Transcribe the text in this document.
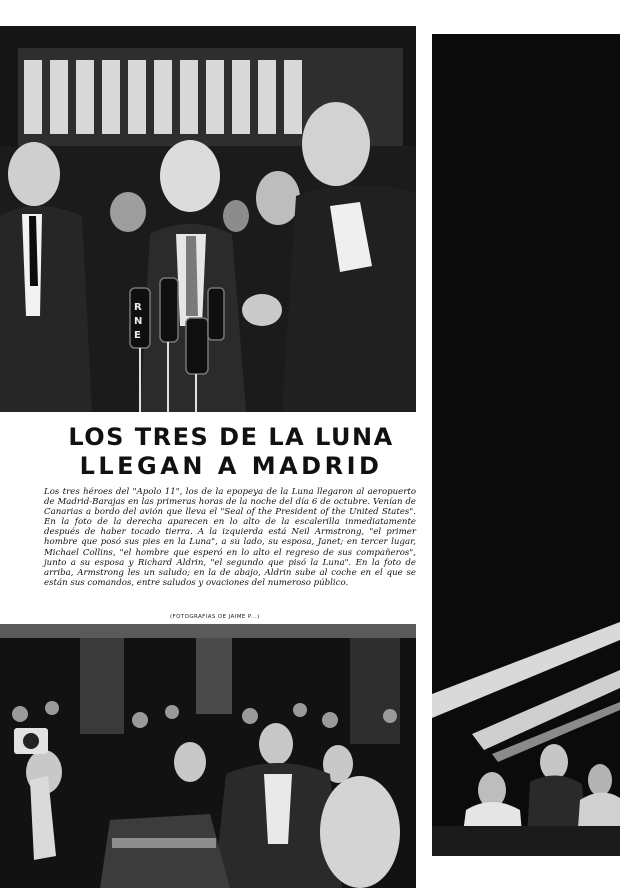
R
N
E
LOS TRES DE LA LUNA
LLEGAN A MADRID

Los tres héroes del "Apolo 11", los de la epopeya de la Luna llegaron al aeropuerto de Madrid-Barajas en las primeras horas de la noche del día 6 de octubre. Venían de Canarias a bordo del avión que lleva el "Seal of the President of the United States". En la foto de la derecha aparecen en lo alto de la escalerilla inmediatamente después de haber tocado tierra. A la izquierda está Neil Armstrong, "el primer hombre que posó sus pies en la Luna", a su lado, su esposa, Janet; en tercer lugar, Michael Collins, "el hombre que esperó en lo alto el regreso de sus compañeros", junto a su esposa y Richard Aldrin, "el segundo que pisó la Luna". En la foto de arriba, Armstrong les un saludo; en la de abajo, Aldrin sube al coche en el que se están sus comandos, entre saludos y ovaciones del numeroso público.

(FOTOGRAFIAS DE JAIME P...)
